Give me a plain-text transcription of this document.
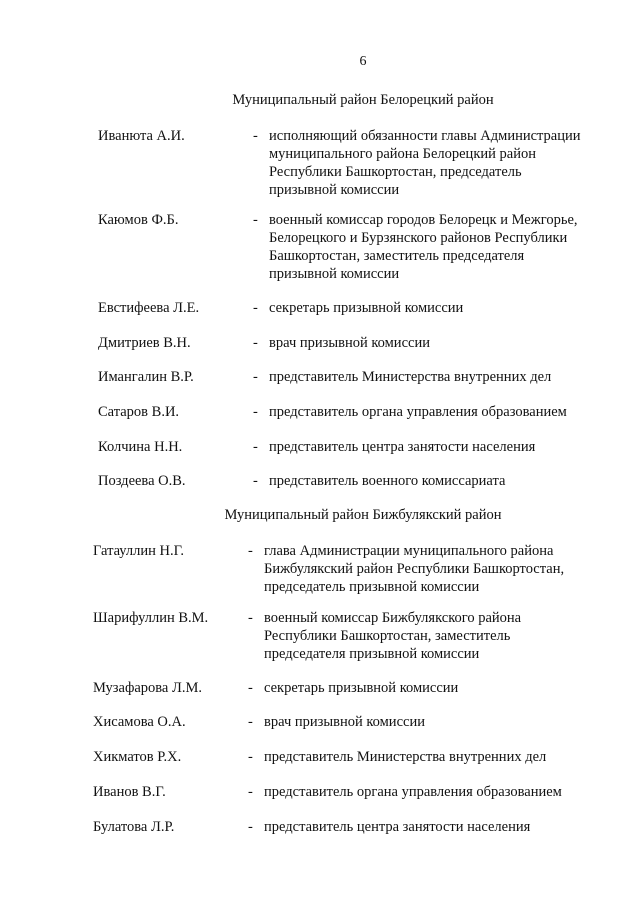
6
Муниципальный район Белорецкий район
Иванюта А.И.	- исполняющий обязанности главы Администрации
муниципального района Белорецкий район
Республики Башкортостан, председатель
призывной комиссии
Каюмов Ф.Б.	- военный комиссар городов Белорецк и Межгорье,
Белорецкого и Бурзянского районов Республики
Башкортостан, заместитель председателя
призывной комиссии
Евстифеева Л.Е.	- секретарь призывной комиссии
Дмитриев В.Н.	- врач призывной комиссии
Имангалин В.Р.	- представитель Министерства внутренних дел
Сатаров В.И.	- представитель органа управления образованием
Колчина Н.Н.	- представитель центра занятости населения
Поздеева О.В.	- представитель военного комиссариата
Муниципальный район Бижбулякский район
Гатауллин Н.Г.	- глава Администрации муниципального района
Бижбулякский район Республики Башкортостан,
председатель призывной комиссии
Шарифуллин В.М.	- военный комиссар Бижбулякского района
Республики Башкортостан, заместитель
председателя призывной комиссии
Музафарова Л.М.	- секретарь призывной комиссии
Хисамова О.А.	- врач призывной комиссии
Хикматов Р.Х.	- представитель Министерства внутренних дел
Иванов В.Г.	- представитель органа управления образованием
Булатова Л.Р.	- представитель центра занятости населения
